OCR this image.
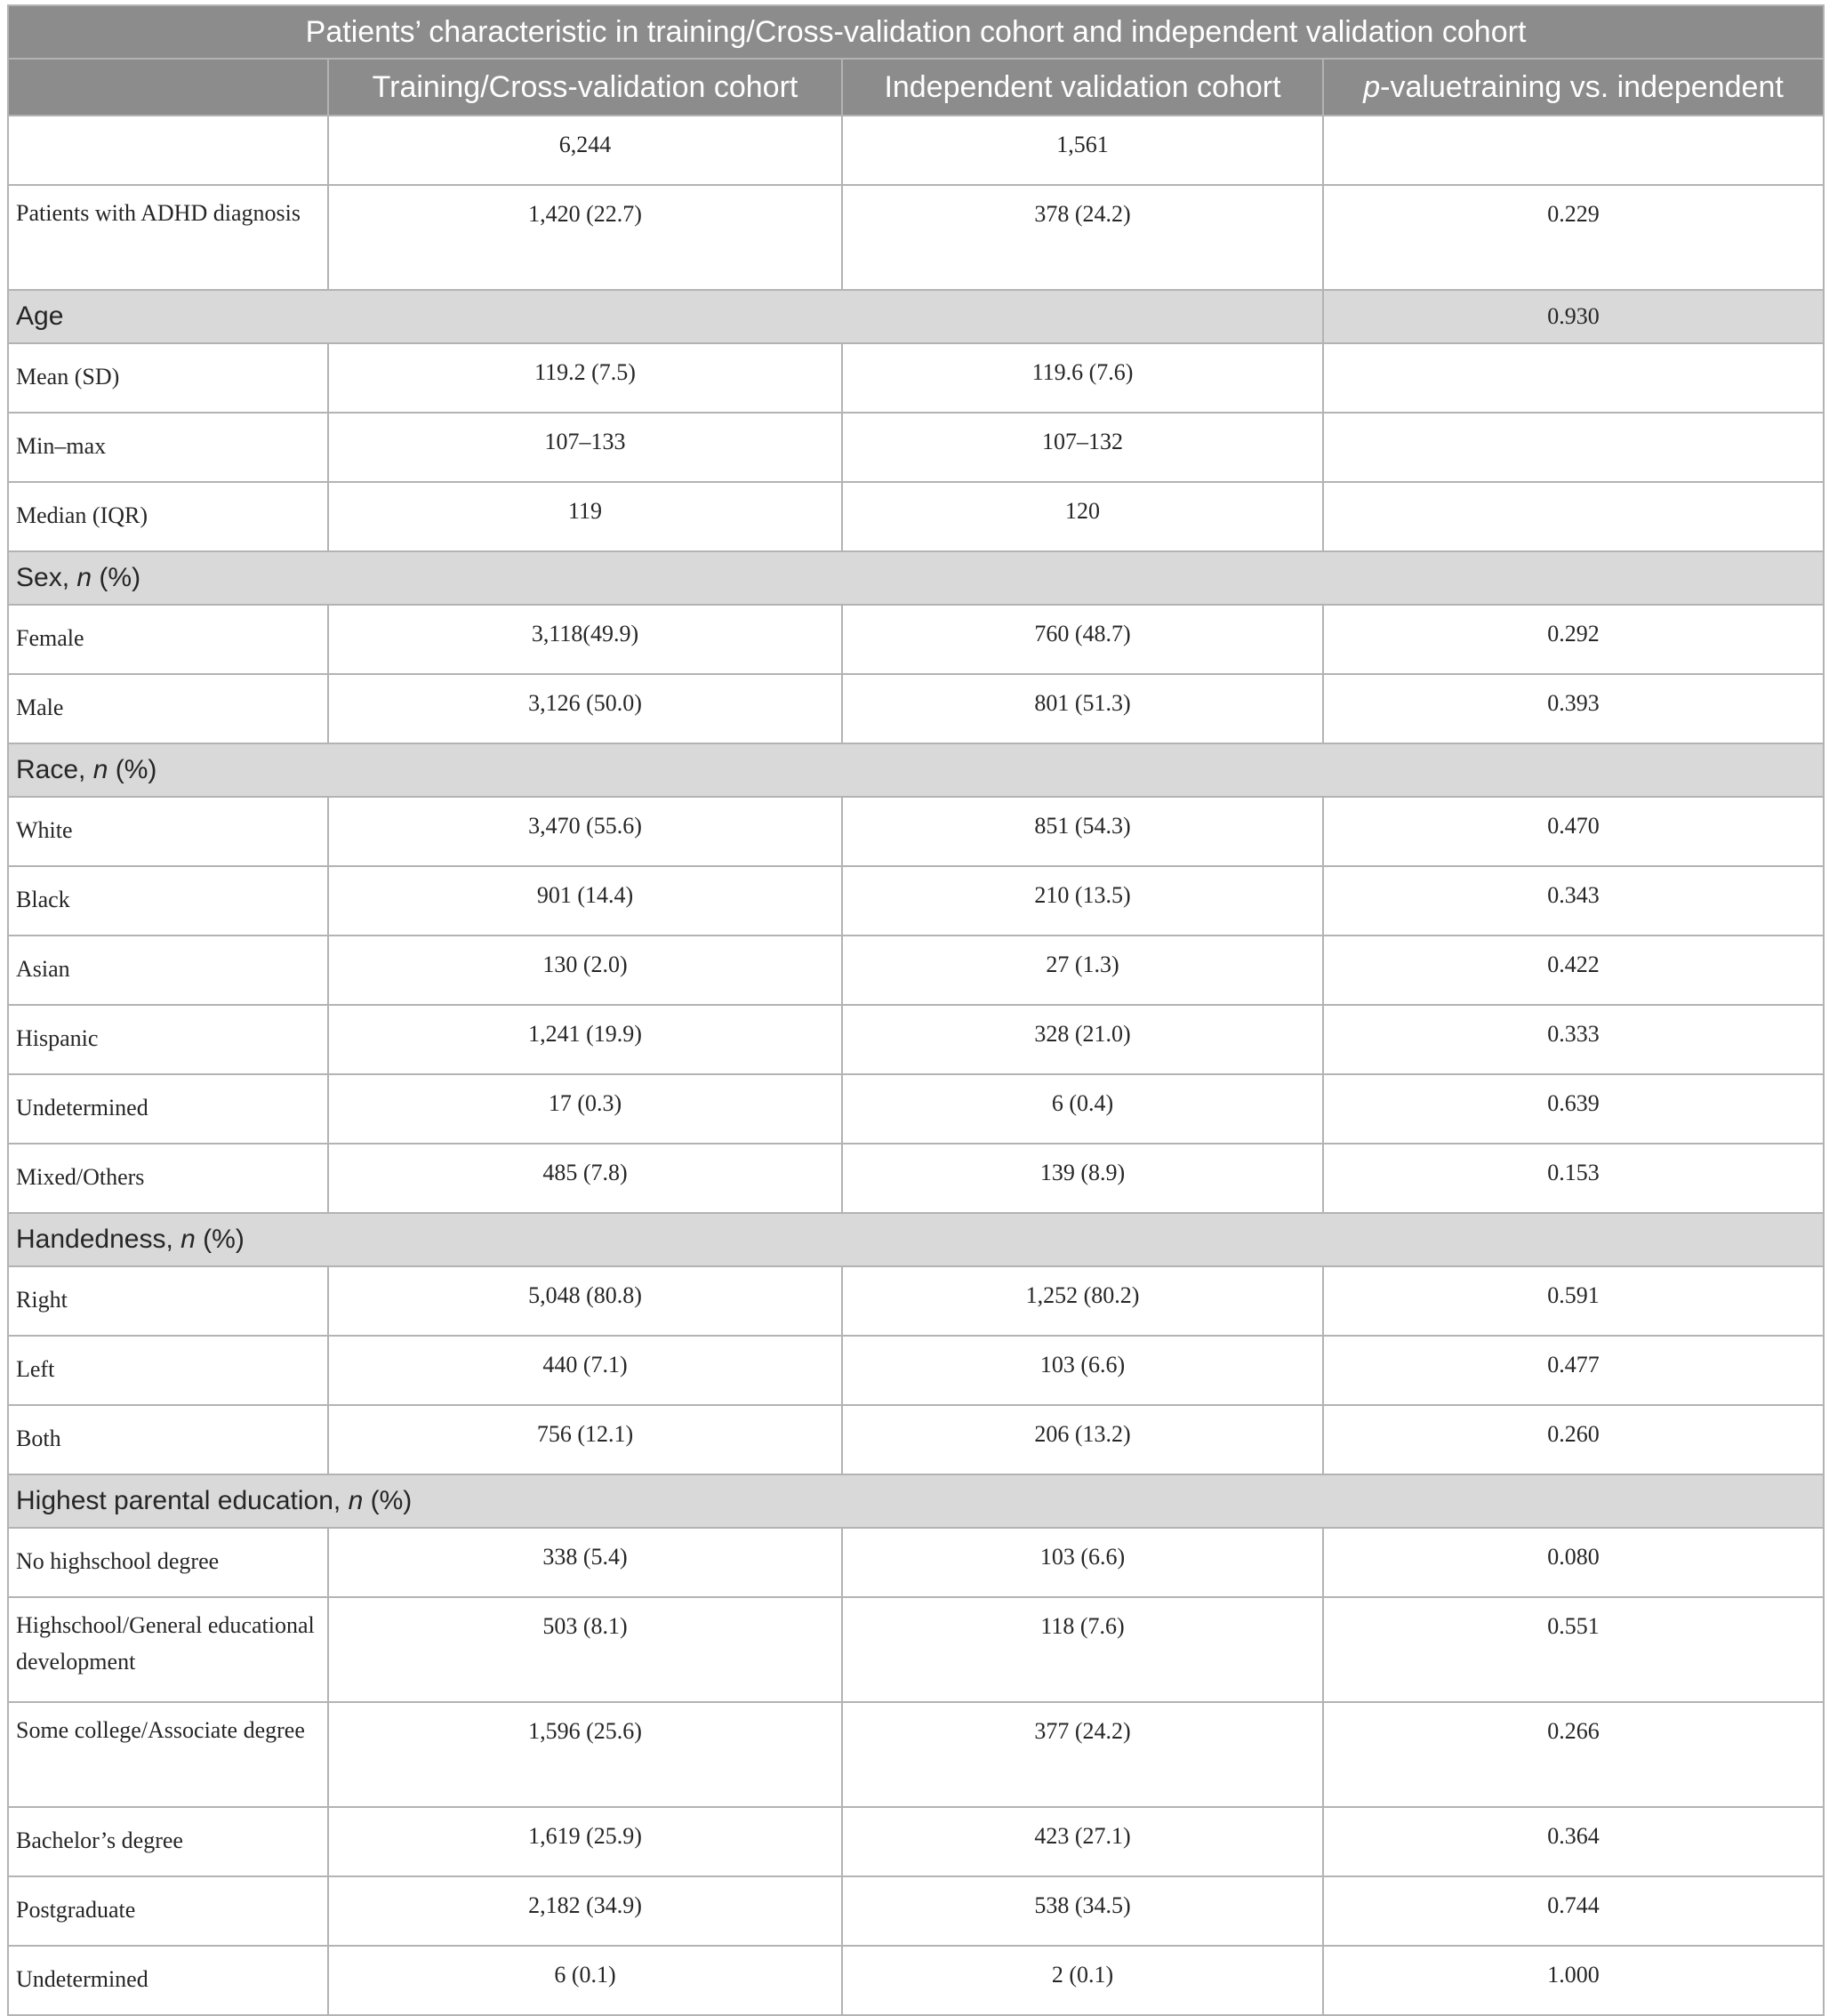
Patients’ characteristic in training/Cross-validation cohort and independent validation cohort			
	Training/Cross-validation cohort	Independent validation cohort	p-valuetraining vs. independent
	6,244	1,561	
Patients with ADHD diagnosis	1,420 (22.7)	378 (24.2)	0.229
Age			0.930
Mean (SD)	119.2 (7.5)	119.6 (7.6)	
Min–max	107–133	107–132	
Median (IQR)	119	120	
Sex, n (%)			
Female	3,118(49.9)	760 (48.7)	0.292
Male	3,126 (50.0)	801 (51.3)	0.393
Race, n (%)			
White	3,470 (55.6)	851 (54.3)	0.470
Black	901 (14.4)	210 (13.5)	0.343
Asian	130 (2.0)	27 (1.3)	0.422
Hispanic	1,241 (19.9)	328 (21.0)	0.333
Undetermined	17 (0.3)	6 (0.4)	0.639
Mixed/Others	485 (7.8)	139 (8.9)	0.153
Handedness, n (%)			
Right	5,048 (80.8)	1,252 (80.2)	0.591
Left	440 (7.1)	103 (6.6)	0.477
Both	756 (12.1)	206 (13.2)	0.260
Highest parental education, n (%)			
No highschool degree	338 (5.4)	103 (6.6)	0.080
Highschool/General educational development	503 (8.1)	118 (7.6)	0.551
Some college/Associate degree	1,596 (25.6)	377 (24.2)	0.266
Bachelor’s degree	1,619 (25.9)	423 (27.1)	0.364
Postgraduate	2,182 (34.9)	538 (34.5)	0.744
Undetermined	6 (0.1)	2 (0.1)	1.000
